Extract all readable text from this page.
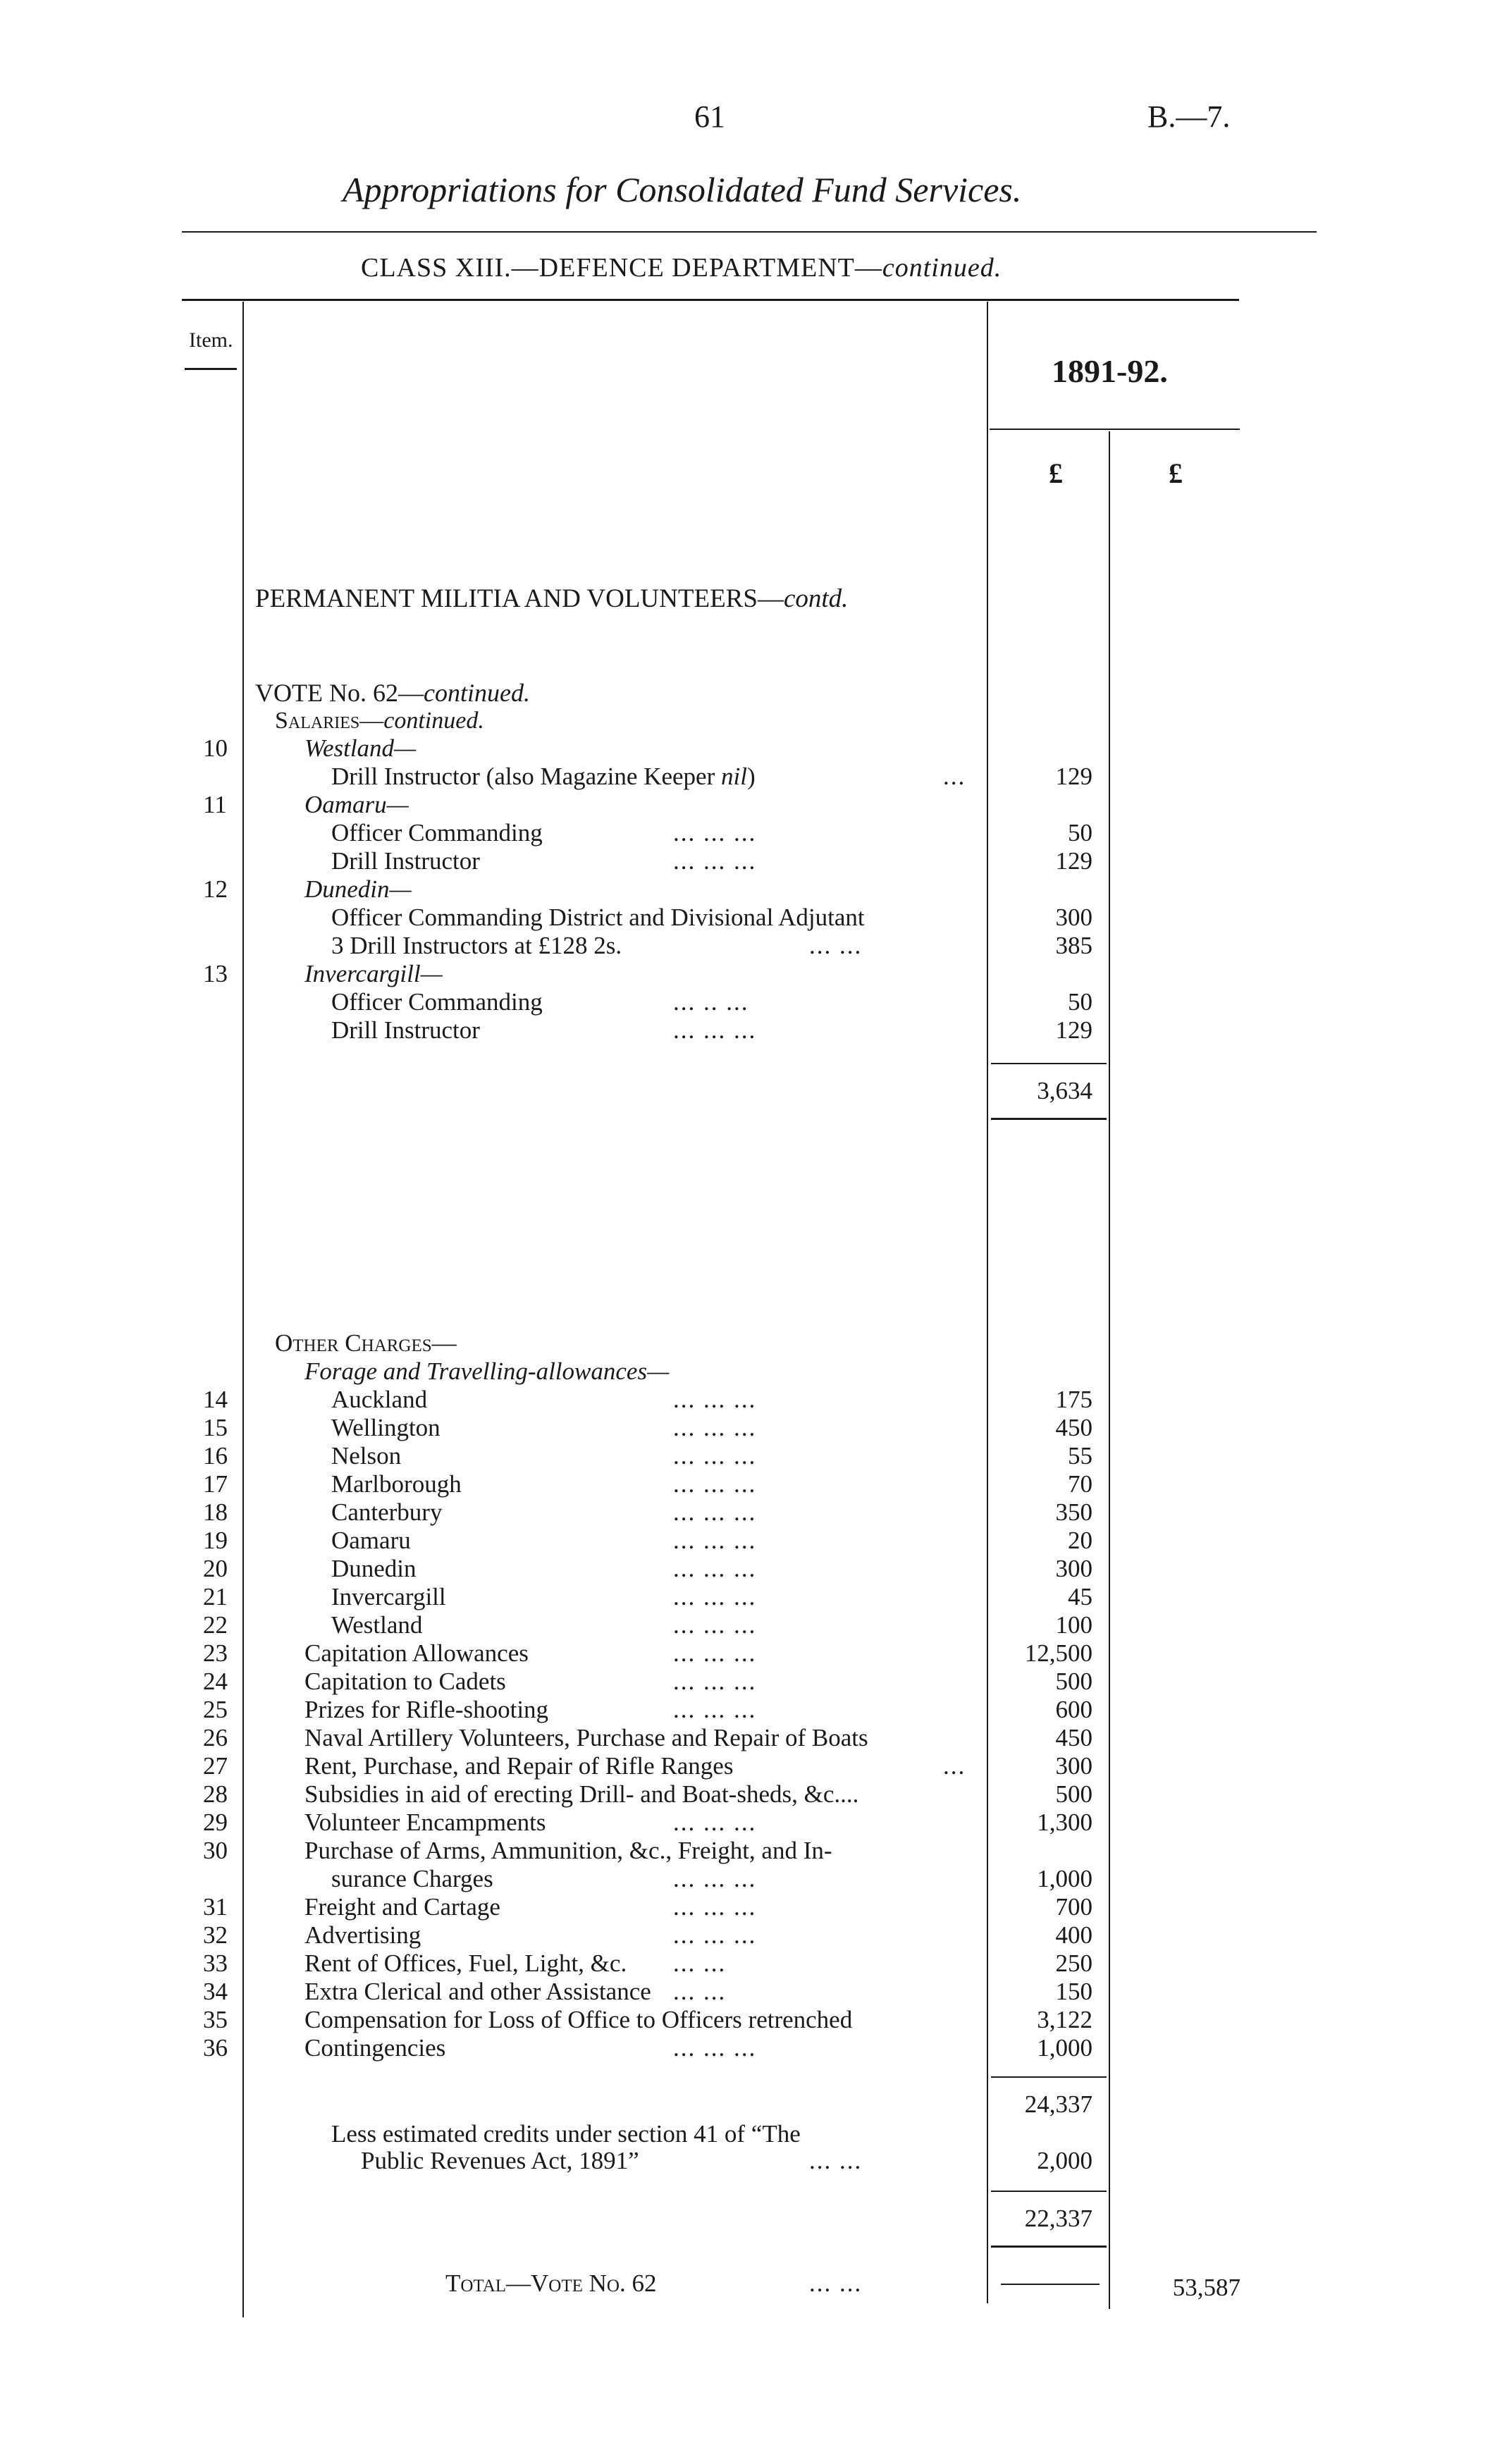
61	B.—7.
Appropriations for Consolidated Fund Services.
CLASS XIII.—DEFENCE DEPARTMENT—continued.
Item.
1891-92.
£	£
PERMANENT MILITIA AND VOLUNTEERS—contd.
VOTE No. 62—continued.
Salaries—continued.
10	Westland—
Drill Instructor (also Magazine Keeper nil)	...	129
11	Oamaru—
Officer Commanding	... ... ...	50
Drill Instructor	... ... ...	129
12	Dunedin—
Officer Commanding District and Divisional Adjutant	300
3 Drill Instructors at £128 2s.	... ...	385
13	Invercargill—
Officer Commanding	... .. ...	50
Drill Instructor	... ... ...	129
3,634
Other Charges—
Forage and Travelling-allowances—
14	Auckland	... ... ...	175
15	Wellington	... ... ...	450
16	Nelson	... ... ...	55
17	Marlborough	... ... ...	70
18	Canterbury	... ... ...	350
19	Oamaru	... ... ...	20
20	Dunedin	... ... ...	300
21	Invercargill	... ... ...	45
22	Westland	... ... ...	100
23	Capitation Allowances	... ... ...	12,500
24	Capitation to Cadets	... ... ...	500
25	Prizes for Rifle-shooting	... ... ...	600
26	Naval Artillery Volunteers, Purchase and Repair of Boats	450
27	Rent, Purchase, and Repair of Rifle Ranges	...	300
28	Subsidies in aid of erecting Drill- and Boat-sheds, &c....	500
29	Volunteer Encampments	... ... ...	1,300
30	Purchase of Arms, Ammunition, &c., Freight, and In-
surance Charges	... ... ...	1,000
31	Freight and Cartage	... ... ...	700
32	Advertising	... ... ...	400
33	Rent of Offices, Fuel, Light, &c. ... ...	250
34	Extra Clerical and other Assistance ... ...	150
35	Compensation for Loss of Office to Officers retrenched	3,122
36	Contingencies	... ... ...	1,000
24,337
Less estimated credits under section 41 of “The
Public Revenues Act, 1891”	... ...	2,000
22,337
Total—Vote No. 62	... ...	53,587
